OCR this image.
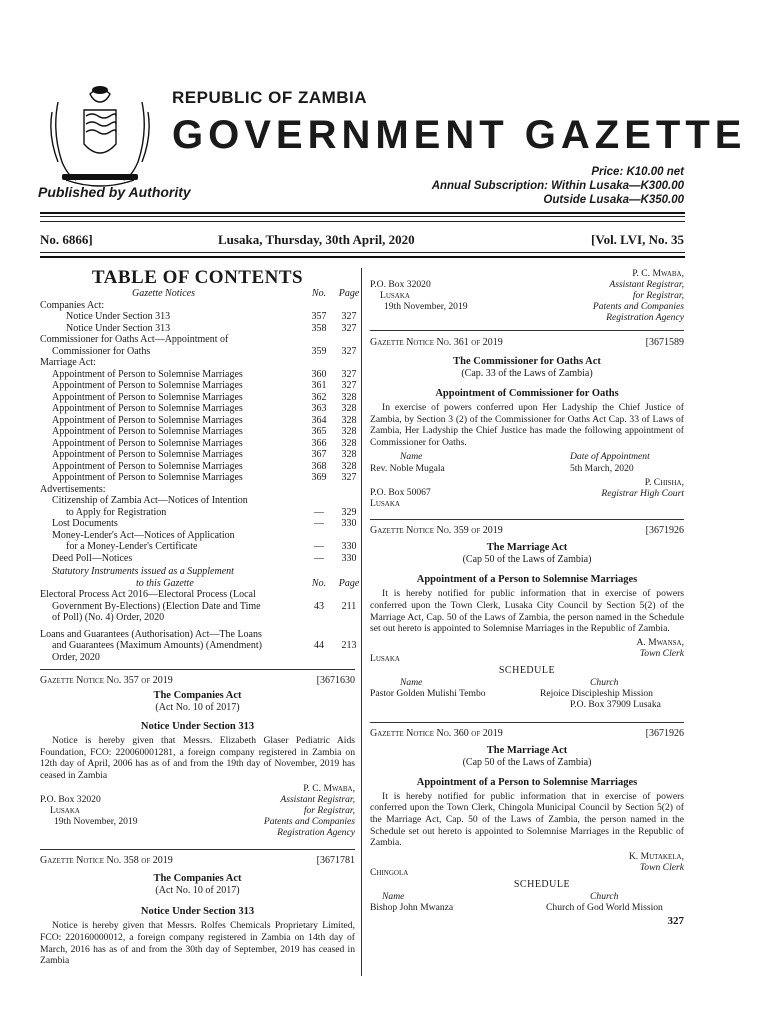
REPUBLIC OF ZAMBIA
GOVERNMENT GAZETTE
Price: K10.00 net
Published by Authority	Annual Subscription: Within Lusaka—K300.00
Outside Lusaka—K350.00
No. 6866]	Lusaka, Thursday, 30th April, 2020	[Vol. LVI, No. 35
TABLE OF CONTENTS
Gazette Notices	No.	Page
Companies Act:
Notice Under Section 313	357	327
Notice Under Section 313	358	327
Commissioner for Oaths Act—Appointment of
Commissioner for Oaths	359	327
Marriage Act:
Appointment of Person to Solemnise Marriages	360	327
Appointment of Person to Solemnise Marriages	361	327
Appointment of Person to Solemnise Marriages	362	328
Appointment of Person to Solemnise Marriages	363	328
Appointment of Person to Solemnise Marriages	364	328
Appointment of Person to Solemnise Marriages	365	328
Appointment of Person to Solemnise Marriages	366	328
Appointment of Person to Solemnise Marriages	367	328
Appointment of Person to Solemnise Marriages	368	328
Appointment of Person to Solemnise Marriages	369	327
Advertisements:
Citizenship of Zambia Act—Notices of Intention
to Apply for Registration	—	329
Lost Documents	—	330
Money-Lender's Act—Notices of Application
for a Money-Lender's Certificate	—	330
Deed Poll—Notices	—	330
Statutory Instruments issued as a Supplement
to this Gazette	No.	Page
Electoral Process Act 2016—Electoral Process (Local
Government By-Elections) (Election Date and Time	43	211
of Poll) (No. 4) Order, 2020
Loans and Guarantees (Authorisation) Act—The Loans
and Guarantees (Maximum Amounts) (Amendment)	44	213
Order, 2020
Gazette Notice No. 357 of 2019	[3671630
The Companies Act
(Act No. 10 of 2017)
Notice Under Section 313

Notice is hereby given that Messrs. Elizabeth Glaser Pediatric Aids Foundation, FCO: 220060001281, a foreign company registered in Zambia on 12th day of April, 2006 has as of and from the 19th day of November, 2019 has ceased in Zambia

P. C. Mwaba,
Assistant Registrar,
for Registrar,
Patents and Companies
Registration Agency
P.O. Box 32020
Lusaka
19th November, 2019
Gazette Notice No. 358 of 2019	[3671781
The Companies Act
(Act No. 10 of 2017)
Notice Under Section 313

Notice is hereby given that Messrs. Rolfes Chemicals Proprietary Limited, FCO: 220160000012, a foreign company registered in Zambia on 14th day of March, 2016 has as of and from the 30th day of September, 2019 has ceased in Zambia

P. C. Mwaba,
Assistant Registrar,
for Registrar,
Patents and Companies
Registration Agency
P.O. Box 32020
Lusaka
19th November, 2019
Gazette Notice No. 361 of 2019	[3671589
The Commissioner for Oaths Act
(Cap. 33 of the Laws of Zambia)
Appointment of Commissioner for Oaths

In exercise of powers conferred upon Her Ladyship the Chief Justice of Zambia, by Section 3 (2) of the Commissioner for Oaths Act Cap. 33 of Laws of Zambia, Her Ladyship the Chief Justice has made the following appointment of Commissioner for Oaths.

Name	Date of Appointment
Rev. Noble Mugala	5th March, 2020
P. Chisha,
Registrar High Court
P.O. Box 50067
Lusaka
Gazette Notice No. 359 of 2019	[3671926
The Marriage Act
(Cap 50 of the Laws of Zambia)
Appointment of a Person to Solemnise Marriages

It is hereby notified for public information that in exercise of powers conferred upon the Town Clerk, Lusaka City Council by Section 5(2) of the Marriage Act, Cap. 50 of the Laws of Zambia, the person named in the Schedule set out hereto is appointed to Solemnise Marriages in the Republic of Zambia.

A. Mwansa,
Town Clerk
Lusaka
SCHEDULE
Name	Church
Pastor Golden Mulishi Tembo	Rejoice Discipleship Mission
P.O. Box 37909 Lusaka
Gazette Notice No. 360 of 2019	[3671926
The Marriage Act
(Cap 50 of the Laws of Zambia)
Appointment of a Person to Solemnise Marriages

It is hereby notified for public information that in exercise of powers conferred upon the Town Clerk, Chingola Municipal Council by Section 5(2) of the Marriage Act, Cap. 50 of the Laws of Zambia, the person named in the Schedule set out hereto is appointed to Solemnise Marriages in the Republic of Zambia.

K. Mutakela,
Town Clerk
Chingola
SCHEDULE
Name	Church
Bishop John Mwanza	Church of God World Mission
327
